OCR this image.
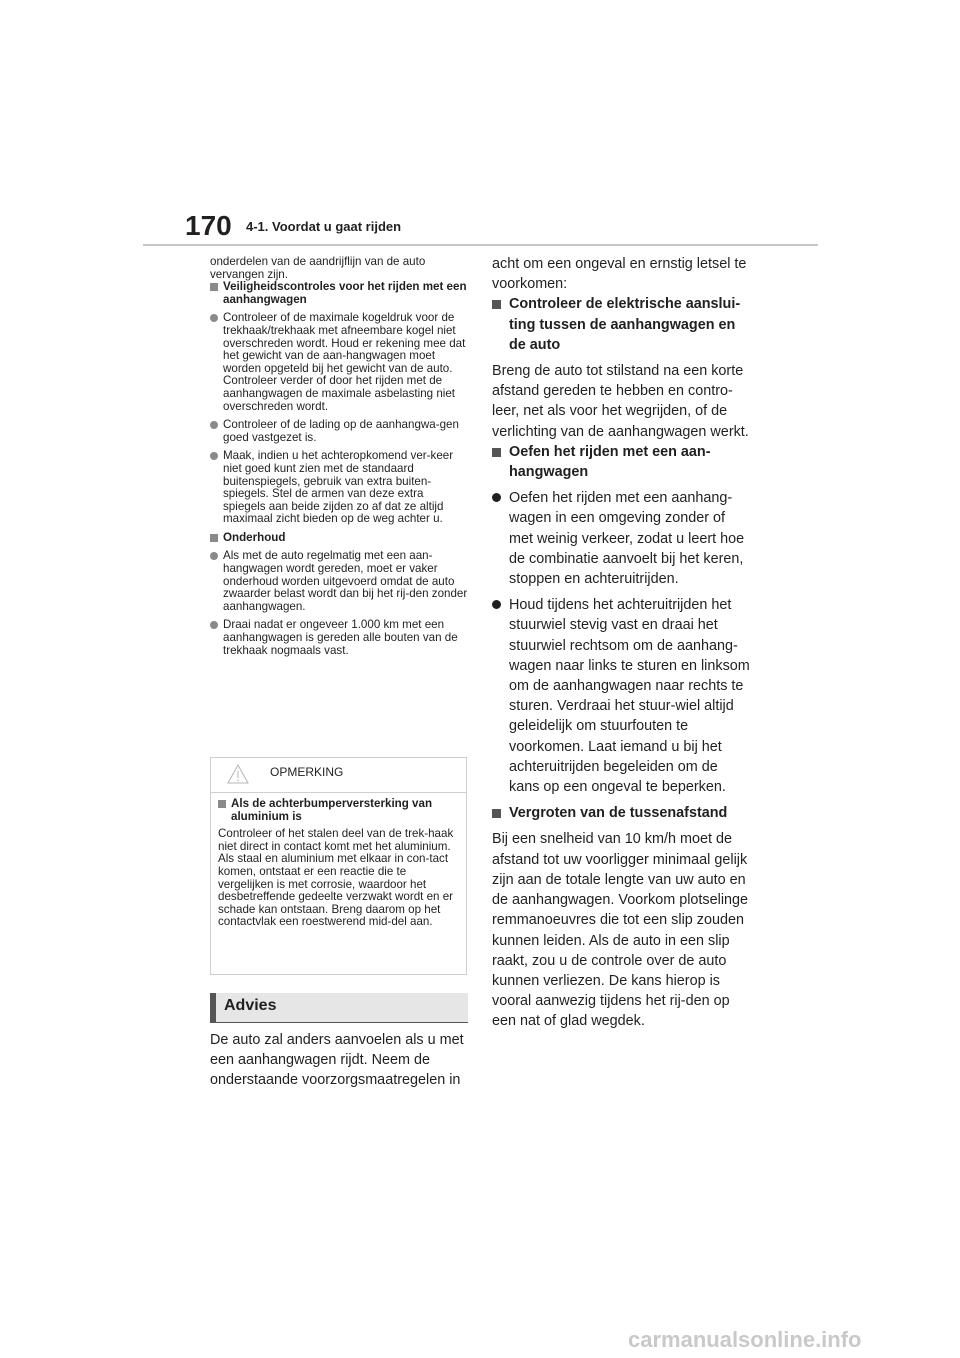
170 4-1. Voordat u gaat rijden

onderdelen van de aandrijflijn van de auto vervangen zijn.

Veiligheidscontroles voor het rijden met een aanhangwagen

Controleer of de maximale kogeldruk voor de trekhaak/trekhaak met afneembare kogel niet overschreden wordt. Houd er rekening mee dat het gewicht van de aan-hangwagen moet worden opgeteld bij het gewicht van de auto. Controleer verder of door het rijden met de aanhangwagen de maximale asbelasting niet overschreden wordt.

Controleer of de lading op de aanhangwa-gen goed vastgezet is.

Maak, indien u het achteropkomend ver-keer niet goed kunt zien met de standaard buitenspiegels, gebruik van extra buiten-spiegels. Stel de armen van deze extra spiegels aan beide zijden zo af dat ze altijd maximaal zicht bieden op de weg achter u.

Onderhoud

Als met de auto regelmatig met een aan-hangwagen wordt gereden, moet er vaker onderhoud worden uitgevoerd omdat de auto zwaarder belast wordt dan bij het rij-den zonder aanhangwagen.

Draai nadat er ongeveer 1.000 km met een aanhangwagen is gereden alle bouten van de trekhaak nogmaals vast.

OPMERKING

Als de achterbumperversterking van aluminium is

Controleer of het stalen deel van de trek-haak niet direct in contact komt met het aluminium.

Als staal en aluminium met elkaar in con-tact komen, ontstaat er een reactie die te vergelijken is met corrosie, waardoor het desbetreffende gedeelte verzwakt wordt en er schade kan ontstaan. Breng daarom op het contactvlak een roestwerend mid-del aan.

Advies

De auto zal anders aanvoelen als u met een aanhangwagen rijdt. Neem de onderstaande voorzorgsmaatregelen in

acht om een ongeval en ernstig letsel te voorkomen:

Controleer de elektrische aanslui-ting tussen de aanhangwagen en de auto

Breng de auto tot stilstand na een korte afstand gereden te hebben en contro-leer, net als voor het wegrijden, of de verlichting van de aanhangwagen werkt.

Oefen het rijden met een aan-hangwagen

Oefen het rijden met een aanhang-wagen in een omgeving zonder of met weinig verkeer, zodat u leert hoe de combinatie aanvoelt bij het keren, stoppen en achteruitrijden.

Houd tijdens het achteruitrijden het stuurwiel stevig vast en draai het stuurwiel rechtsom om de aanhang-wagen naar links te sturen en linksom om de aanhangwagen naar rechts te sturen. Verdraai het stuur-wiel altijd geleidelijk om stuurfouten te voorkomen. Laat iemand u bij het achteruitrijden begeleiden om de kans op een ongeval te beperken.

Vergroten van de tussenafstand

Bij een snelheid van 10 km/h moet de afstand tot uw voorligger minimaal gelijk zijn aan de totale lengte van uw auto en de aanhangwagen. Voorkom plotselinge remmanoeuvres die tot een slip zouden kunnen leiden. Als de auto in een slip raakt, zou u de controle over de auto kunnen verliezen. De kans hierop is vooral aanwezig tijdens het rij-den op een nat of glad wegdek.

carmanualsonline.info
